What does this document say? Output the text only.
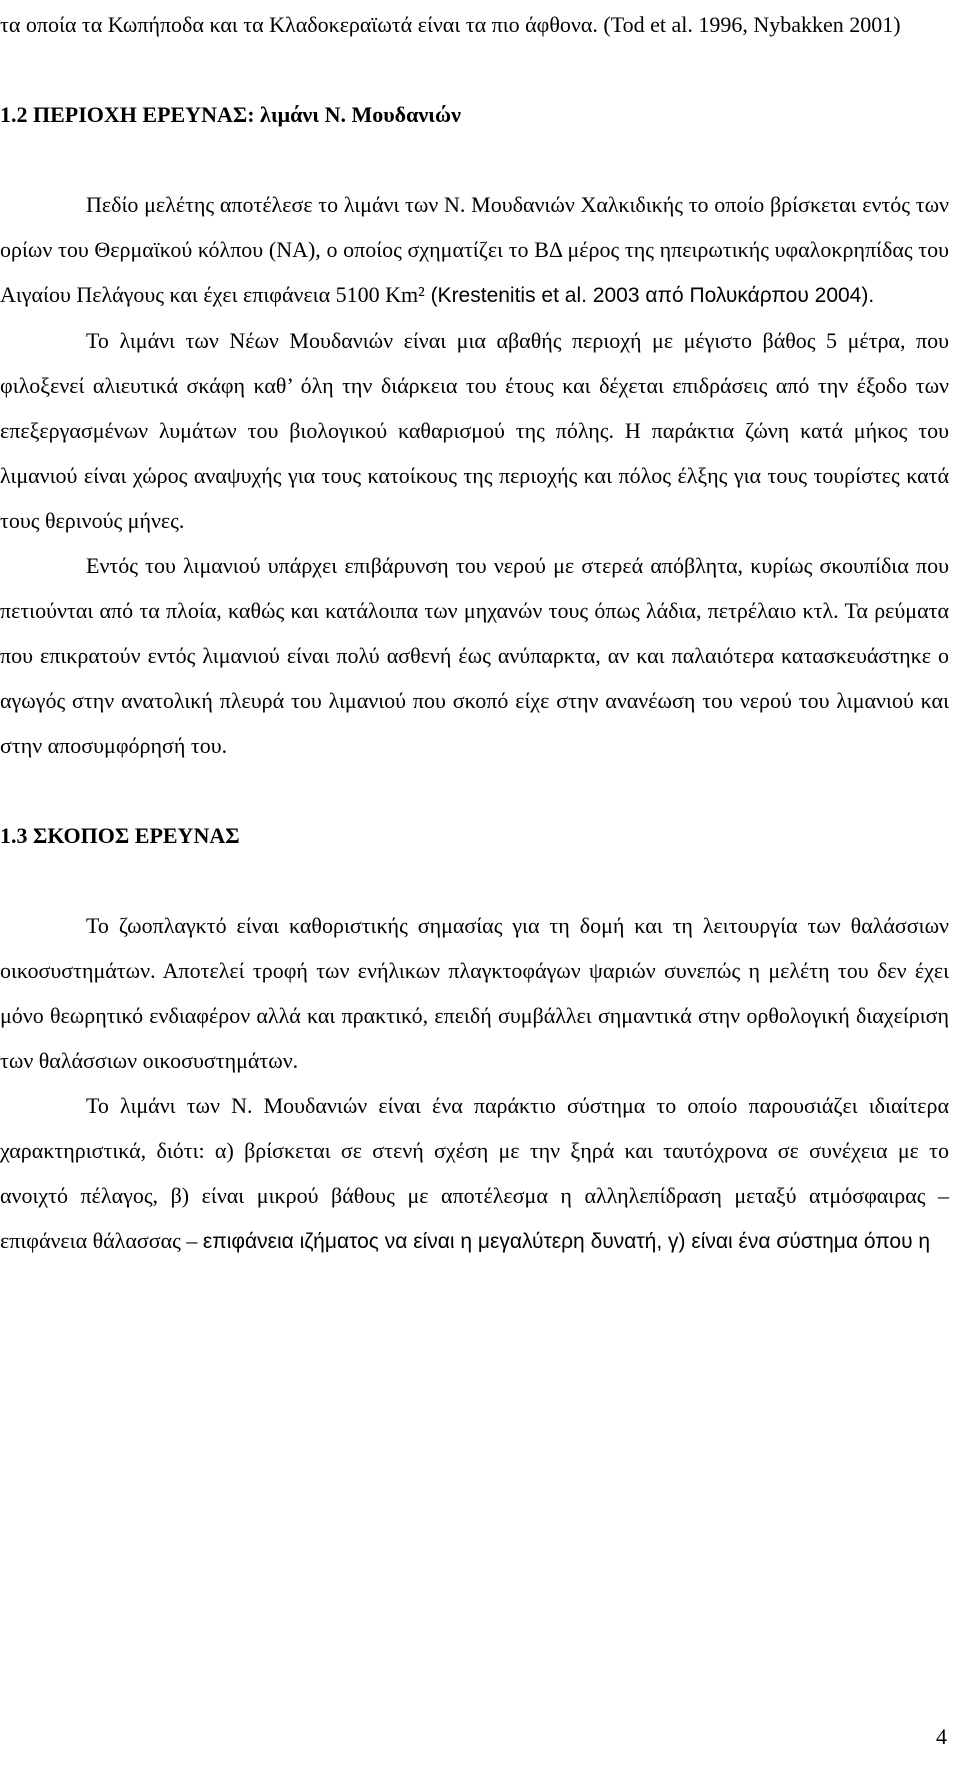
τα οποία τα Κωπήποδα και τα Κλαδοκεραϊωτά είναι τα πιο άφθονα. (Tod et al. 1996, Nybakken 2001)

1.2 ΠΕΡΙΟΧΗ ΕΡΕΥΝΑΣ: λιμάνι Ν. Μουδανιών

Πεδίο μελέτης αποτέλεσε το λιμάνι των Ν. Μουδανιών Χαλκιδικής το οποίο βρίσκεται εντός των ορίων του Θερμαϊκού κόλπου (ΝΑ), ο οποίος σχηματίζει το ΒΔ μέρος της ηπειρωτικής υφαλοκρηπίδας του Αιγαίου Πελάγους και έχει επιφάνεια 5100 Km² (Krestenitis et al. 2003 από Πολυκάρπου 2004).

Το λιμάνι των Νέων Μουδανιών είναι μια αβαθής περιοχή με μέγιστο βάθος 5 μέτρα, που φιλοξενεί αλιευτικά σκάφη καθ’ όλη την διάρκεια του έτους και δέχεται επιδράσεις από την έξοδο των επεξεργασμένων λυμάτων του βιολογικού καθαρισμού της πόλης. Η παράκτια ζώνη κατά μήκος του λιμανιού είναι χώρος αναψυχής για τους κατοίκους της περιοχής και πόλος έλξης για τους τουρίστες κατά τους θερινούς μήνες.

Εντός του λιμανιού υπάρχει επιβάρυνση του νερού με στερεά απόβλητα, κυρίως σκουπίδια που πετιούνται από τα πλοία, καθώς και κατάλοιπα των μηχανών τους όπως λάδια, πετρέλαιο κτλ. Τα ρεύματα που επικρατούν εντός λιμανιού είναι πολύ ασθενή έως ανύπαρκτα, αν και παλαιότερα κατασκευάστηκε ο αγωγός στην ανατολική πλευρά του λιμανιού που σκοπό είχε στην ανανέωση του νερού του λιμανιού και στην αποσυμφόρησή του.

1.3 ΣΚΟΠΟΣ ΕΡΕΥΝΑΣ

Το ζωοπλαγκτό είναι καθοριστικής σημασίας για τη δομή και τη λειτουργία των θαλάσσιων οικοσυστημάτων. Αποτελεί τροφή των ενήλικων πλαγκτοφάγων ψαριών συνεπώς η μελέτη του δεν έχει μόνο θεωρητικό ενδιαφέρον αλλά και πρακτικό, επειδή συμβάλλει σημαντικά στην ορθολογική διαχείριση των θαλάσσιων οικοσυστημάτων.

Το λιμάνι των Ν. Μουδανιών είναι ένα παράκτιο σύστημα το οποίο παρουσιάζει ιδιαίτερα χαρακτηριστικά, διότι: α) βρίσκεται σε στενή σχέση με την ξηρά και ταυτόχρονα σε συνέχεια με το ανοιχτό πέλαγος, β) είναι μικρού βάθους με αποτέλεσμα η αλληλεπίδραση μεταξύ ατμόσφαιρας – επιφάνεια θάλασσας – επιφάνεια ιζήματος να είναι η μεγαλύτερη δυνατή, γ) είναι ένα σύστημα όπου η

4
